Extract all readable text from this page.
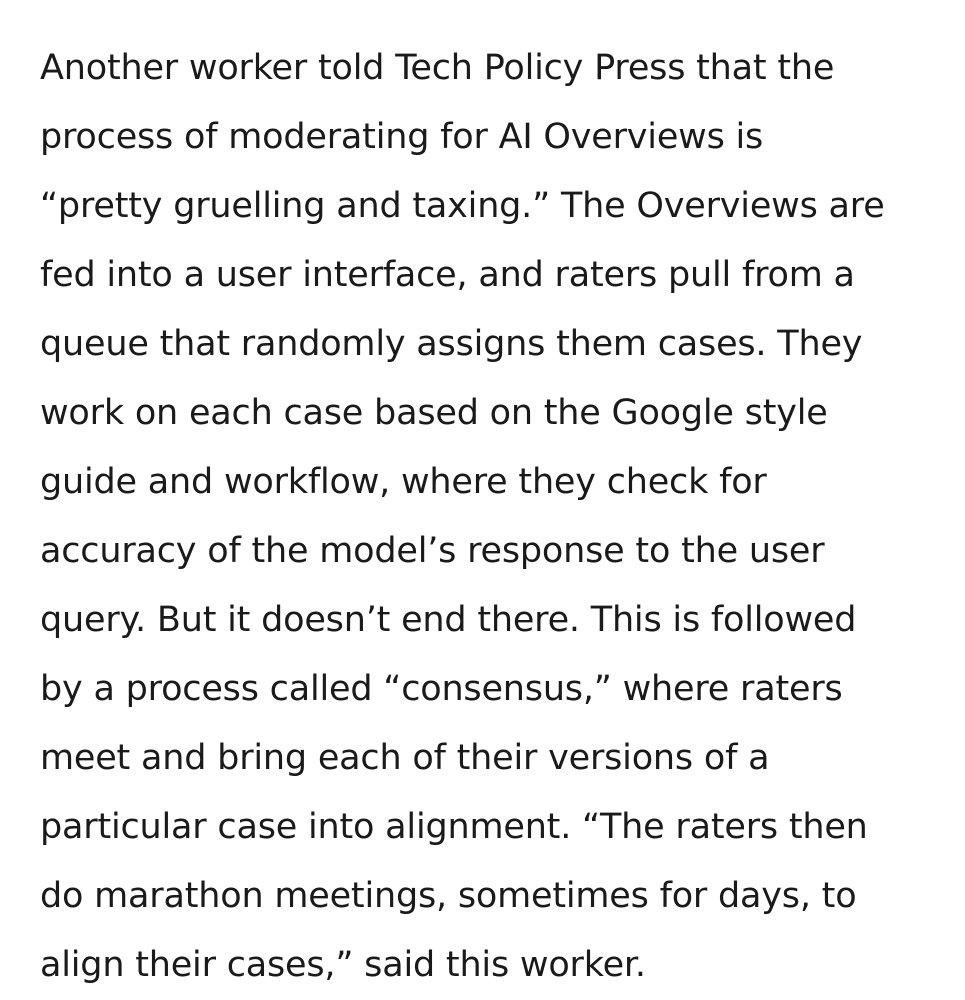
Another worker told Tech Policy Press that the
process of moderating for AI Overviews is
“pretty gruelling and taxing.” The Overviews are
fed into a user interface, and raters pull from a
queue that randomly assigns them cases. They
work on each case based on the Google style
guide and workflow, where they check for
accuracy of the model’s response to the user
query. But it doesn’t end there. This is followed
by a process called “consensus,” where raters
meet and bring each of their versions of a
particular case into alignment. “The raters then
do marathon meetings, sometimes for days, to
align their cases,” said this worker.
